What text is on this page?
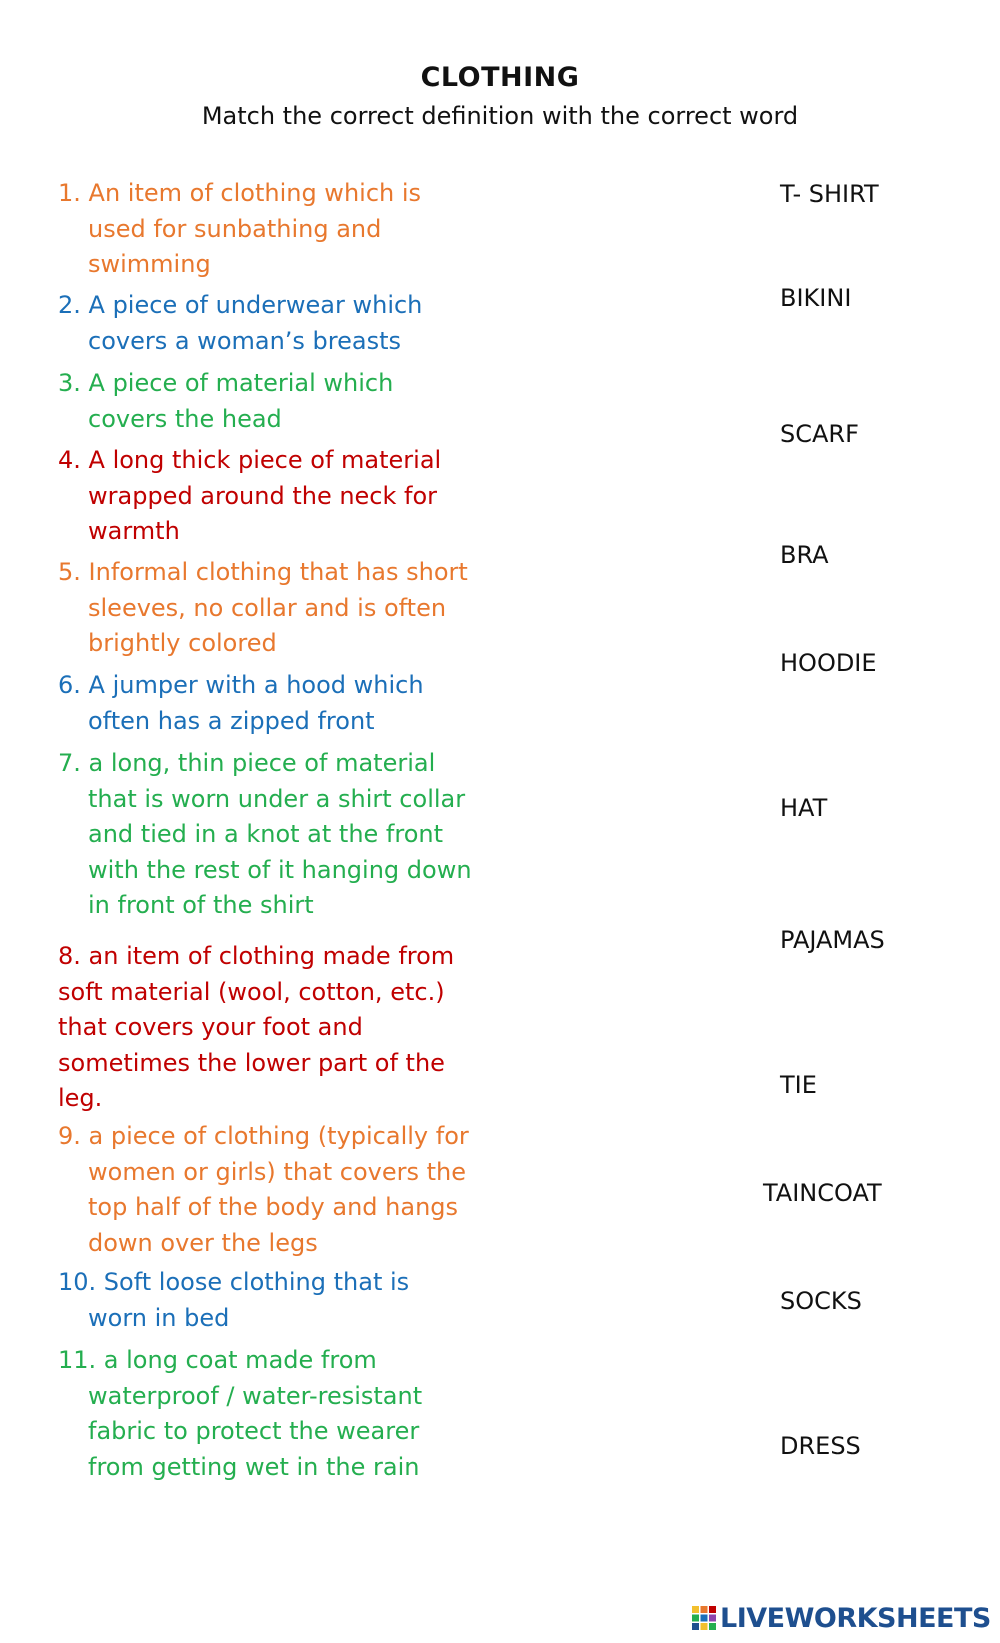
CLOTHING
Match the correct definition with the correct word
1. An item of clothing which is
used for sunbathing and
swimming
2. A piece of underwear which
covers a woman’s breasts
3. A piece of material which
covers the head
4. A long thick piece of material
wrapped around the neck for
warmth
5. Informal clothing that has short
sleeves, no collar and is often
brightly colored
6. A jumper with a hood which
often has a zipped front
7. a long, thin piece of material
that is worn under a shirt collar
and tied in a knot at the front
with the rest of it hanging down
in front of the shirt
8. an item of clothing made from
soft material (wool, cotton, etc.)
that covers your foot and
sometimes the lower part of the
leg.
9. a piece of clothing (typically for
women or girls) that covers the
top half of the body and hangs
down over the legs
10. Soft loose clothing that is
worn in bed
11. a long coat made from
waterproof / water-resistant
fabric to protect the wearer
from getting wet in the rain
T- SHIRT
BIKINI
SCARF
BRA
HOODIE
HAT
PAJAMAS
TIE
TAINCOAT
SOCKS
DRESS
LIVEWORKSHEETS
